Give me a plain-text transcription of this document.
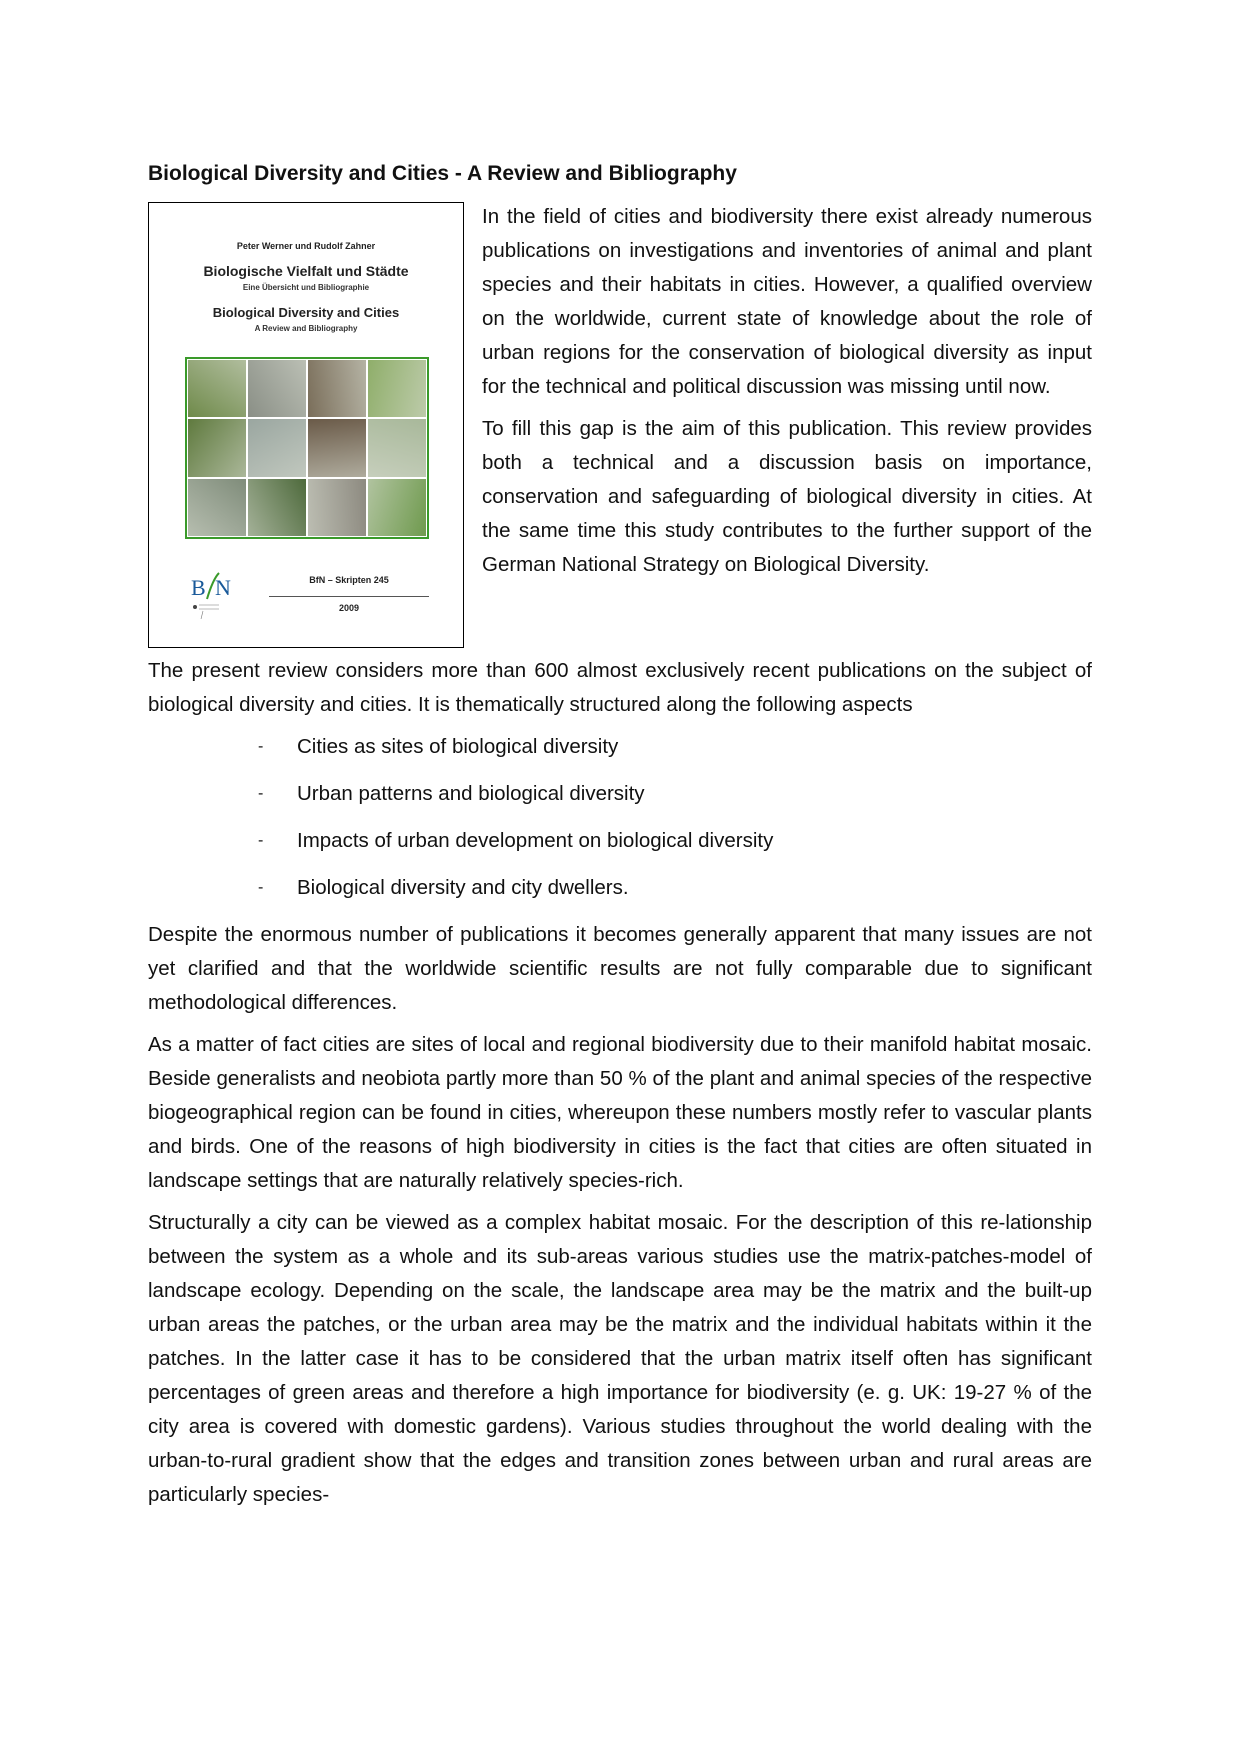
Biological Diversity and Cities - A Review and Bibliography
Peter Werner und Rudolf Zahner
Biologische Vielfalt und Städte
Eine Übersicht und Bibliographie
Biological Diversity and Cities
A Review and Bibliography
B N	BfN – Skripten 245
2009

In the field of cities and biodiversity there exist already numerous publications on investigations and inventories of animal and plant species and their habitats in cities. However, a qualified overview on the worldwide, current state of knowledge about the role of urban regions for the conservation of biological diversity as input for the technical and political discussion was missing until now.

To fill this gap is the aim of this publication. This review provides both a technical and a discussion basis on importance, conservation and safeguarding of biological diversity in cities. At the same time this study contributes to the further support of the German National Strategy on Biological Diversity.

The present review considers more than 600 almost exclusively recent publications on the subject of biological diversity and cities. It is thematically structured along the following aspects

- Cities as sites of biological diversity
- Urban patterns and biological diversity
- Impacts of urban development on biological diversity
- Biological diversity and city dwellers.

Despite the enormous number of publications it becomes generally apparent that many issues are not yet clarified and that the worldwide scientific results are not fully comparable due to significant methodological differences.

As a matter of fact cities are sites of local and regional biodiversity due to their manifold habitat mosaic. Beside generalists and neobiota partly more than 50 % of the plant and animal species of the respective biogeographical region can be found in cities, whereupon these numbers mostly refer to vascular plants and birds. One of the reasons of high biodiversity in cities is the fact that cities are often situated in landscape settings that are naturally relatively species-rich.

Structurally a city can be viewed as a complex habitat mosaic. For the description of this re-lationship between the system as a whole and its sub-areas various studies use the matrix-patches-model of landscape ecology. Depending on the scale, the landscape area may be the matrix and the built-up urban areas the patches, or the urban area may be the matrix and the individual habitats within it the patches. In the latter case it has to be considered that the urban matrix itself often has significant percentages of green areas and therefore a high importance for biodiversity (e. g. UK: 19-27 % of the city area is covered with domestic gardens). Various studies throughout the world dealing with the urban-to-rural gradient show that the edges and transition zones between urban and rural areas are particularly species-
